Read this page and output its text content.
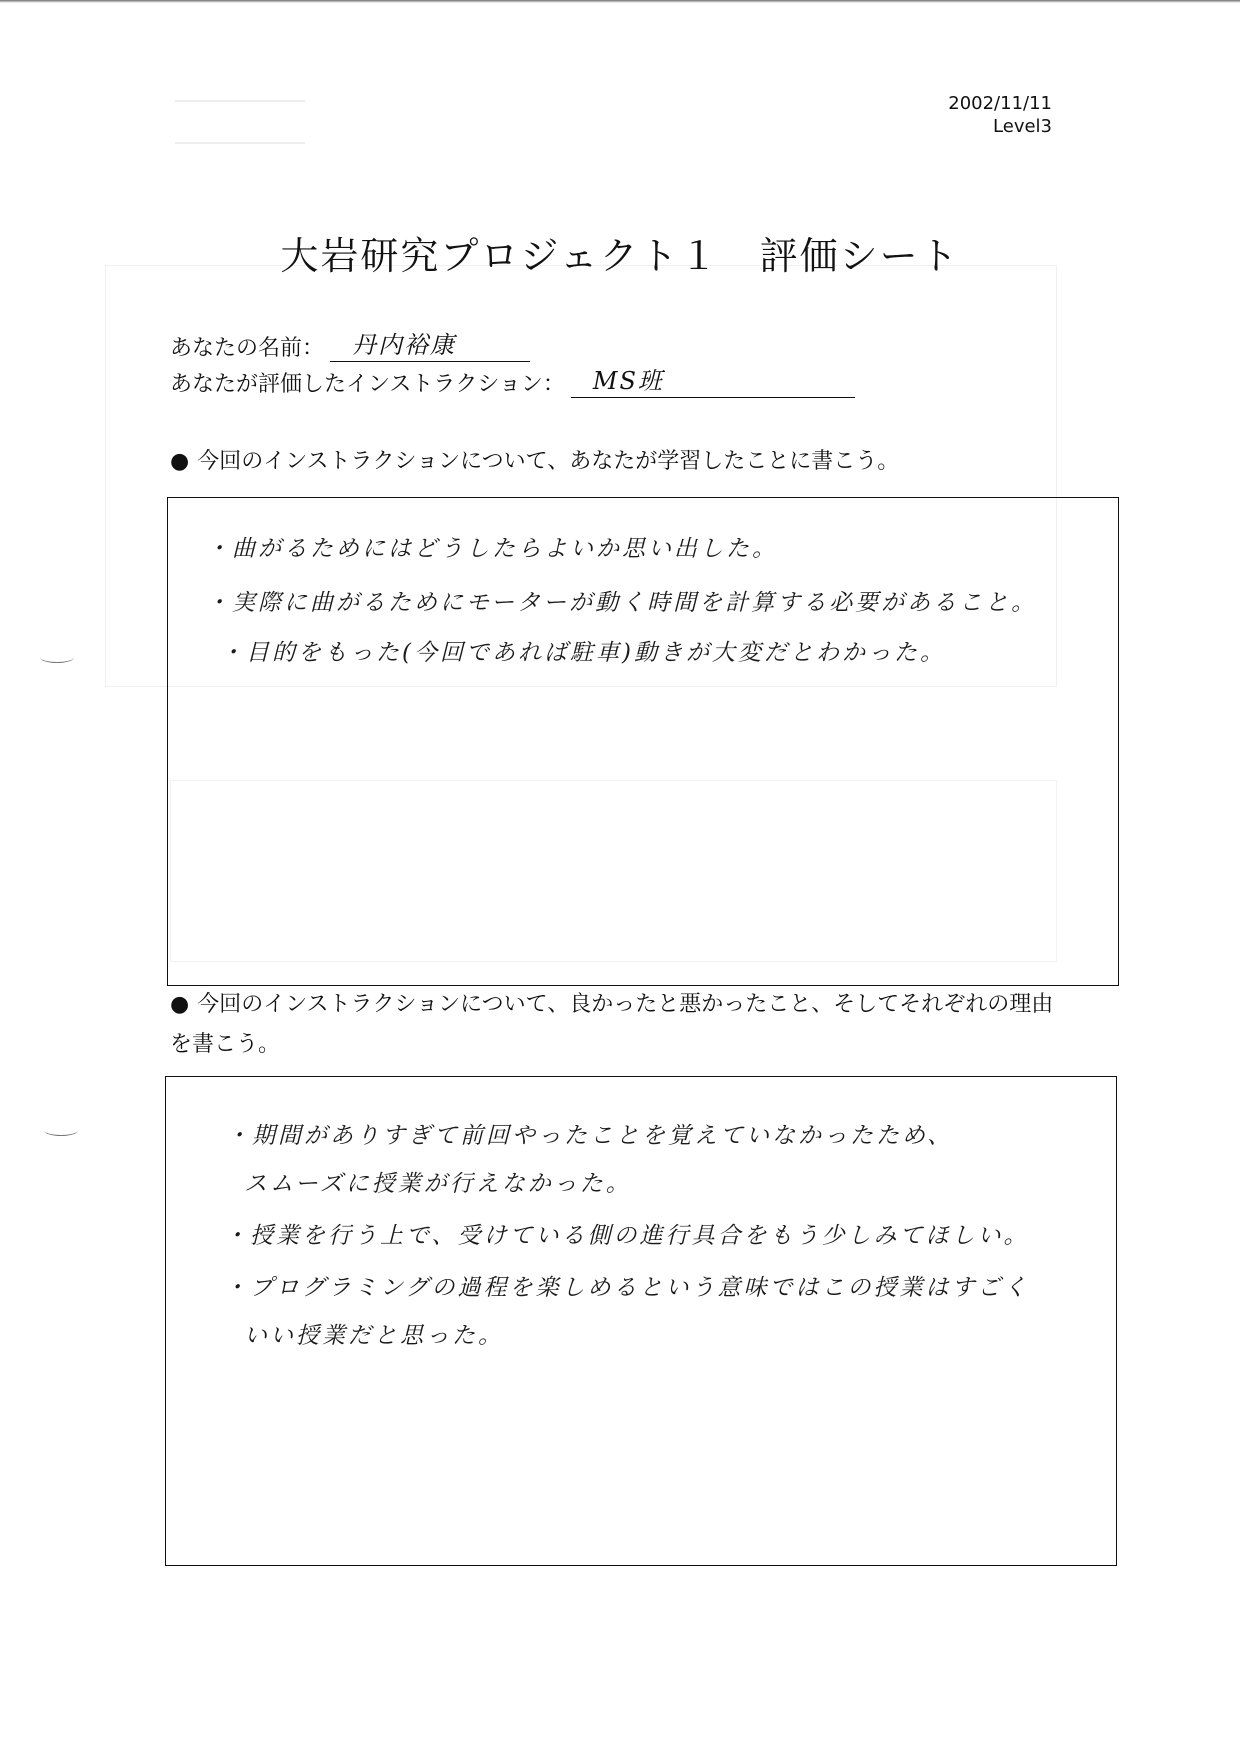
2002/11/11
Level3
大岩研究プロジェクト１　評価シート
あなたの名前：	丹内裕康
あなたが評価したインストラクション：	MS班
● 今回のインストラクションについて、あなたが学習したことに書こう。
・曲がるためにはどうしたらよいか思い出した。
・実際に曲がるためにモーターが動く時間を計算する必要があること。
・目的をもった(今回であれば駐車)動きが大変だとわかった。
● 今回のインストラクションについて、良かったと悪かったこと、そしてそれぞれの理由
を書こう。
・期間がありすぎて前回やったことを覚えていなかったため、
スムーズに授業が行えなかった。
・授業を行う上で、受けている側の進行具合をもう少しみてほしい。
・プログラミングの過程を楽しめるという意味ではこの授業はすごく
いい授業だと思った。
